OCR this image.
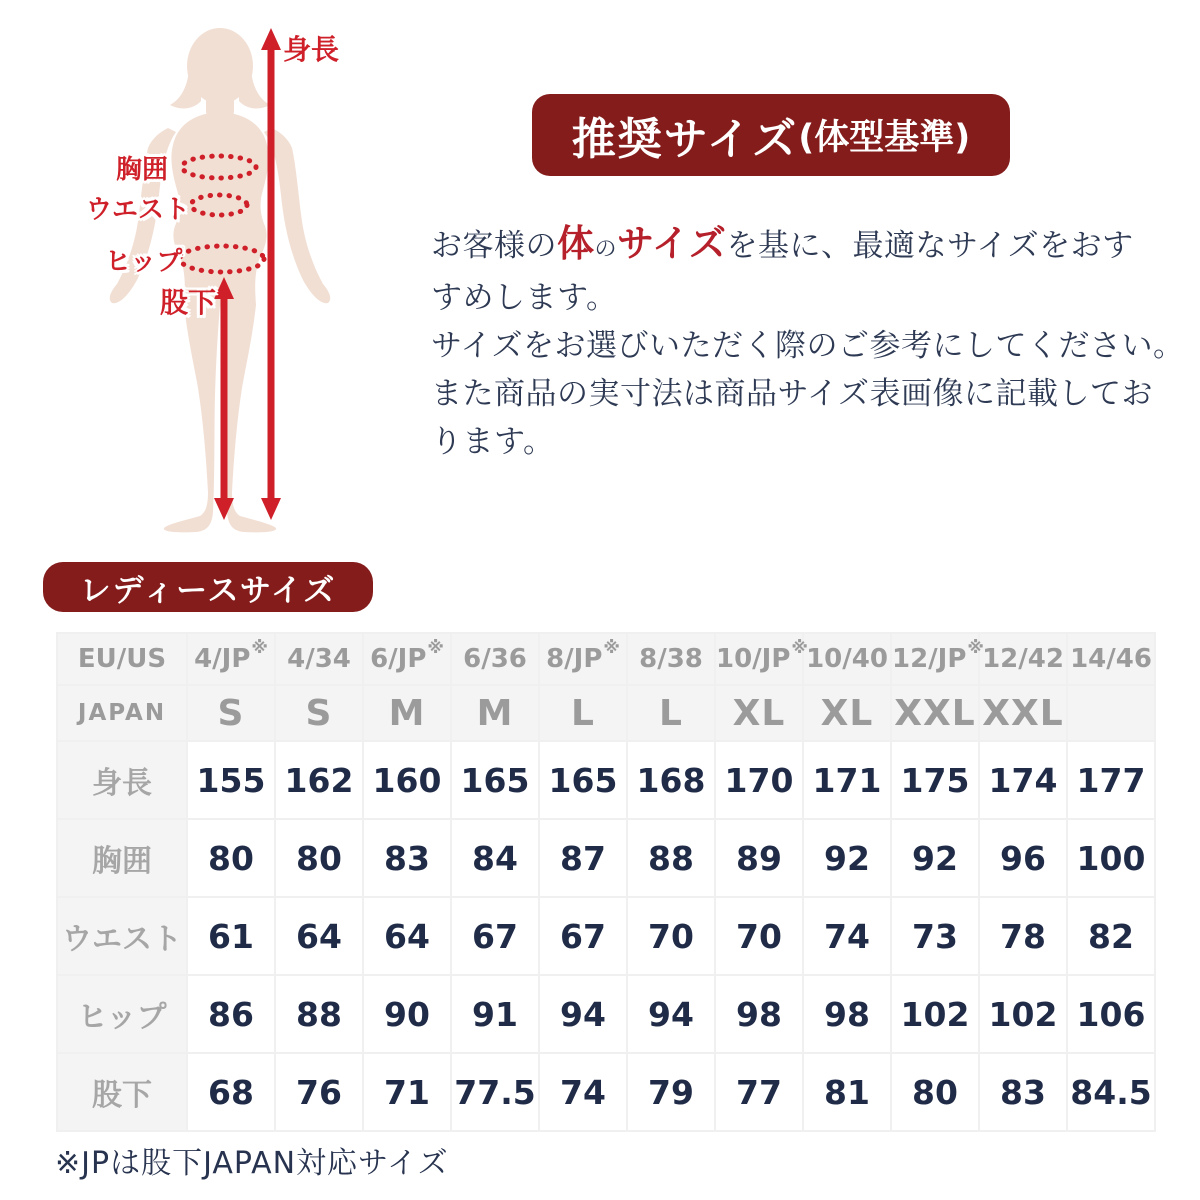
身長
胸囲
ウエスト
ヒップ
股下
推奨サイズ (体型基準)
お客様の体のサイズを基に、最適なサイズをおす
すめします。
サイズをお選びいただく際のご参考にしてください。
また商品の実寸法は商品サイズ表画像に記載してお
ります。
レディースサイズ
EU/US	4/JP※	4/34	6/JP※	6/36	8/JP※	8/38	10/JP※	10/40	12/JP※	12/42	14/46
JAPAN	S	S	M	M	L	L	XL	XL	XXL	XXL	
身長	155	162	160	165	165	168	170	171	175	174	177
胸囲	80	80	83	84	87	88	89	92	92	96	100
ウエスト	61	64	64	67	67	70	70	74	73	78	82
ヒップ	86	88	90	91	94	94	98	98	102	102	106
股下	68	76	71	77.5	74	79	77	81	80	83	84.5
※JPは股下JAPAN対応サイズ
